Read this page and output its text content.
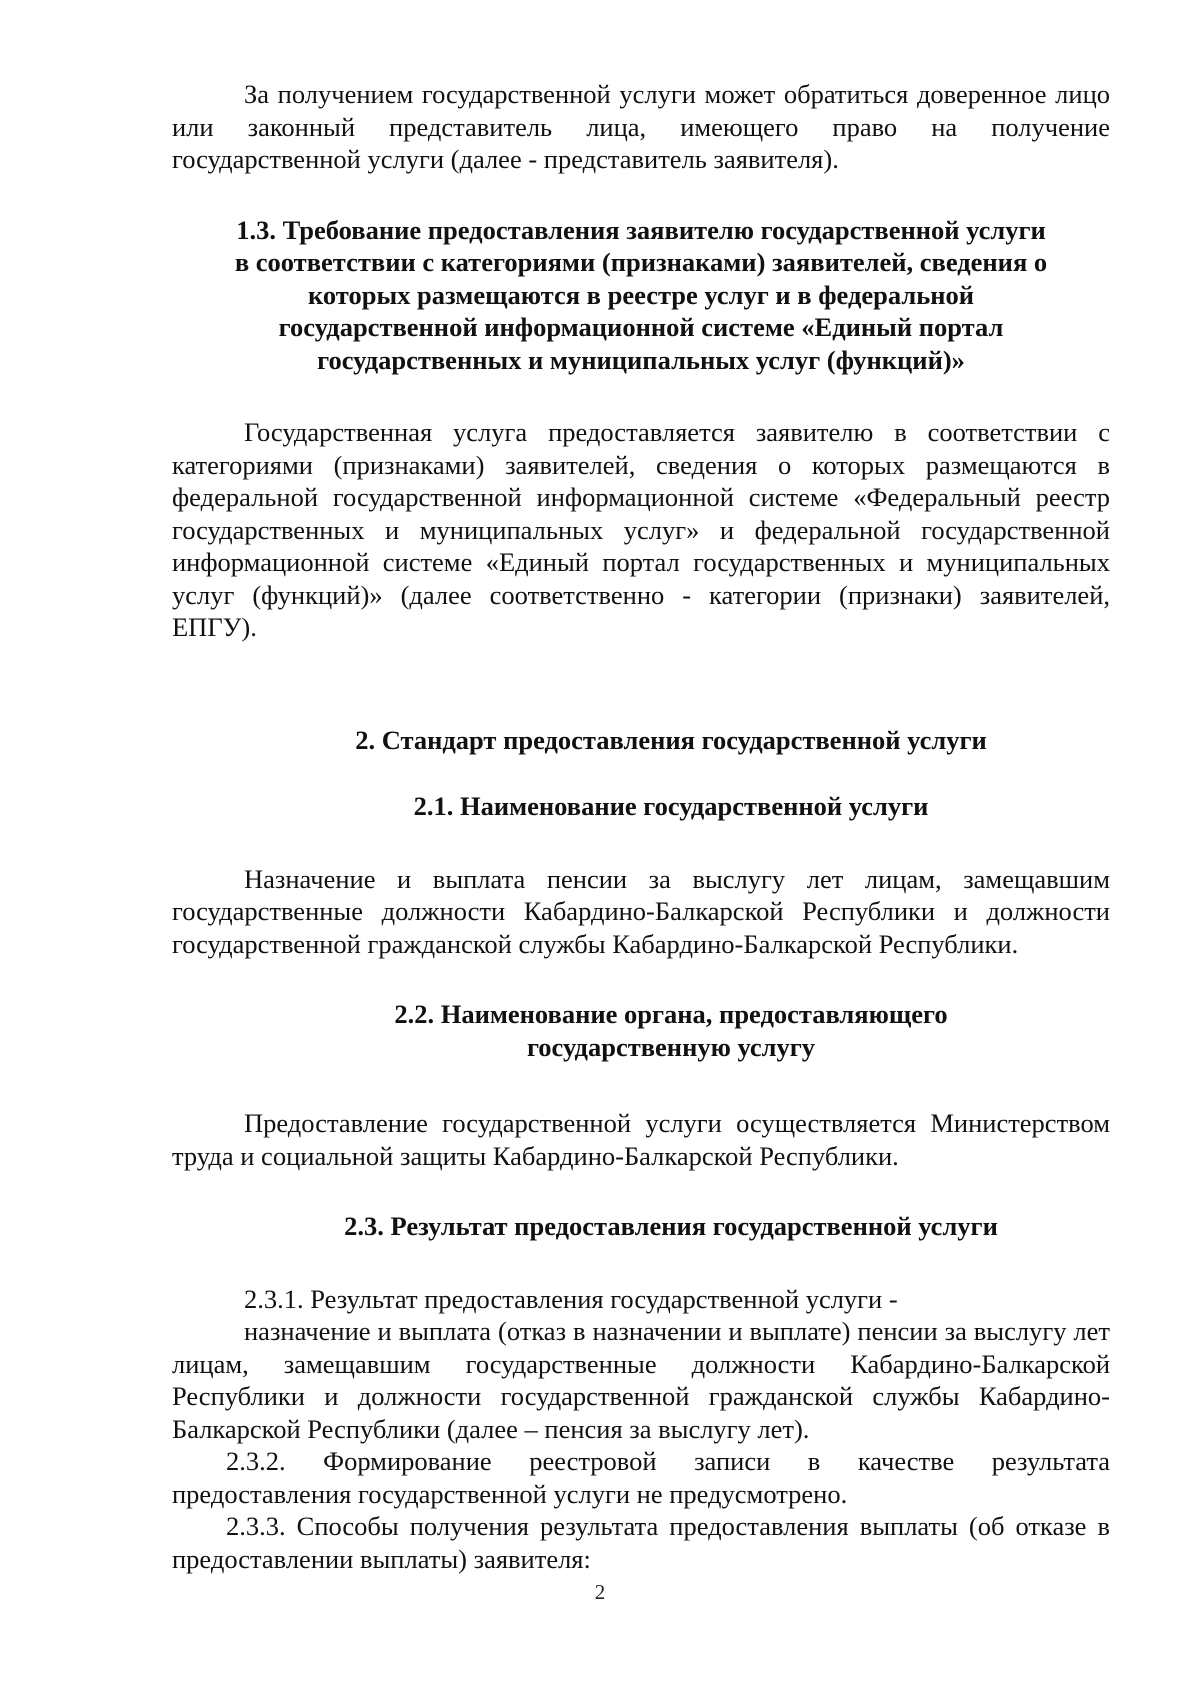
За получением государственной услуги может обратиться доверенное лицо или законный представитель лица, имеющего право на получение государственной услуги (далее - представитель заявителя).

1.3. Требование предоставления заявителю государственной услуги в соответствии с категориями (признаками) заявителей, сведения о которых размещаются в реестре услуг и в федеральной государственной информационной системе «Единый портал государственных и муниципальных услуг (функций)»

Государственная услуга предоставляется заявителю в соответствии с категориями (признаками) заявителей, сведения о которых размещаются в федеральной государственной информационной системе «Федеральный реестр государственных и муниципальных услуг» и федеральной государственной информационной системе «Единый портал государственных и муниципальных услуг (функций)» (далее соответственно - категории (признаки) заявителей, ЕПГУ).

2. Стандарт предоставления государственной услуги
2.1. Наименование государственной услуги

Назначение и выплата пенсии за выслугу лет лицам, замещавшим государственные должности Кабардино-Балкарской Республики и должности государственной гражданской службы Кабардино-Балкарской Республики.

2.2. Наименование органа, предоставляющего государственную услугу

Предоставление государственной услуги осуществляется Министерством труда и социальной защиты Кабардино-Балкарской Республики.

2.3. Результат предоставления государственной услуги

2.3.1. Результат предоставления государственной услуги -

назначение и выплата (отказ в назначении и выплате) пенсии за выслугу лет лицам, замещавшим государственные должности Кабардино-Балкарской Республики и должности государственной гражданской службы Кабардино-Балкарской Республики (далее – пенсия за выслугу лет).

2.3.2. Формирование реестровой записи в качестве результата предоставления государственной услуги не предусмотрено.

2.3.3. Способы получения результата предоставления выплаты (об отказе в предоставлении выплаты) заявителя:

2
